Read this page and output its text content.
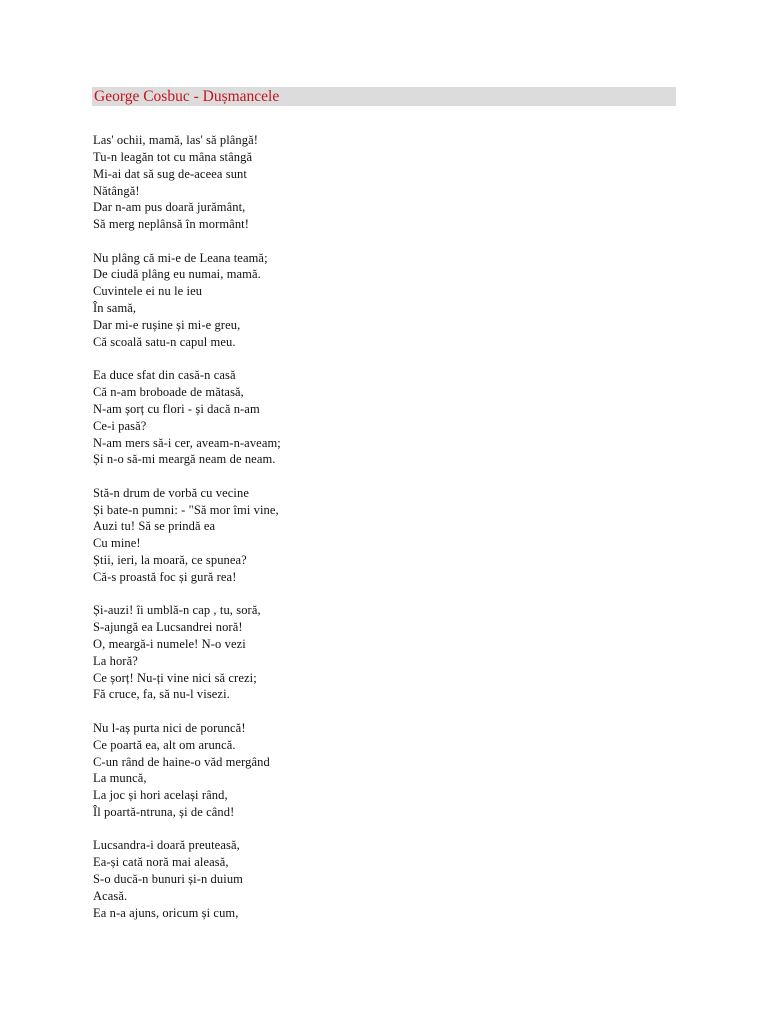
George Cosbuc - Dușmancele
Las' ochii, mamă, las' să plângă!
Tu-n leagăn tot cu mâna stângă
Mi-ai dat să sug de-aceea sunt
Nătângă!
Dar n-am pus doară jurământ,
Să merg neplânsă în mormânt!
Nu plâng că mi-e de Leana teamă;
De ciudă plâng eu numai, mamă.
Cuvintele ei nu le ieu
În samă,
Dar mi-e rușine și mi-e greu,
Că scoală satu-n capul meu.
Ea duce sfat din casă-n casă
Că n-am broboade de mătasă,
N-am șorț cu flori - și dacă n-am
Ce-i pasă?
N-am mers să-i cer, aveam-n-aveam;
Și n-o să-mi meargă neam de neam.
Stă-n drum de vorbă cu vecine
Și bate-n pumni: - "Să mor îmi vine,
Auzi tu! Să se prindă ea
Cu mine!
Știi, ieri, la moară, ce spunea?
Că-s proastă foc și gură rea!
Și-auzi! îi umblă-n cap , tu, soră,
S-ajungă ea Lucsandrei noră!
O, meargă-i numele! N-o vezi
La horă?
Ce șorț! Nu-ți vine nici să crezi;
Fă cruce, fa, să nu-l visezi.
Nu l-aș purta nici de poruncă!
Ce poartă ea, alt om aruncă.
C-un rând de haine-o văd mergând
La muncă,
La joc și hori același rând,
Îl poartă-ntruna, și de când!
Lucsandra-i doară preuteasă,
Ea-și cată noră mai aleasă,
S-o ducă-n bunuri și-n duium
Acasă.
Ea n-a ajuns, oricum și cum,
